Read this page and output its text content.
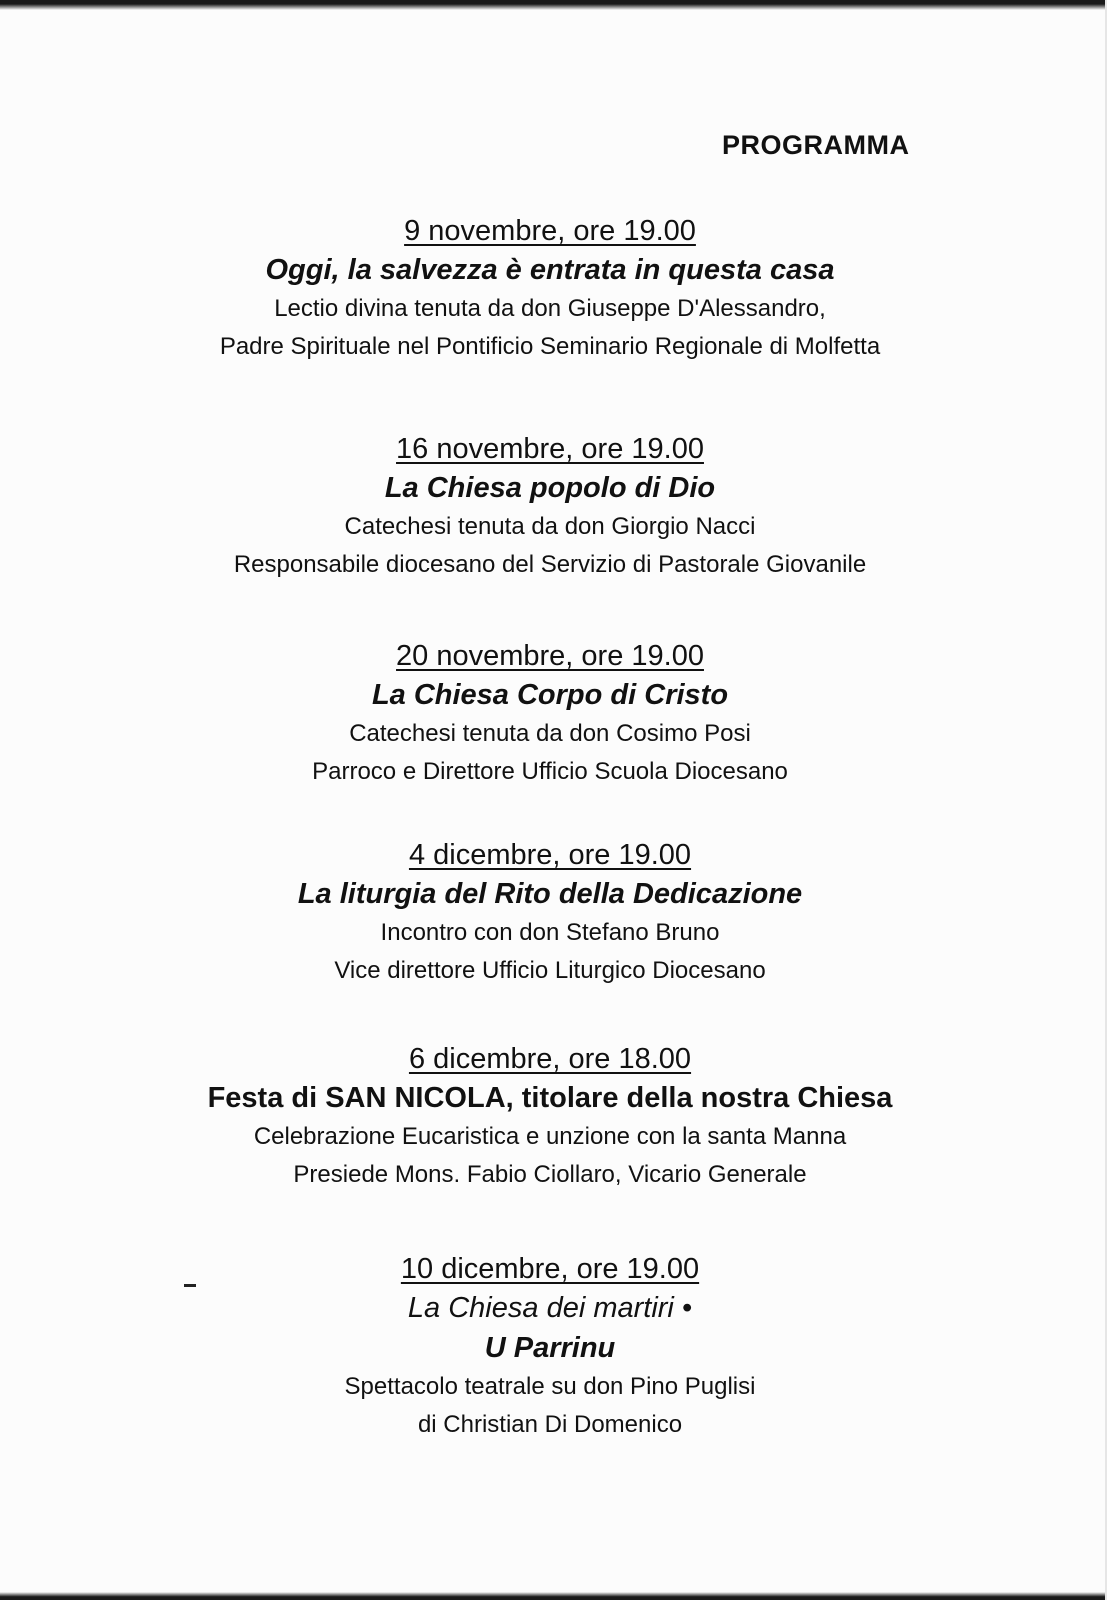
PROGRAMMA
9 novembre, ore 19.00
Oggi, la salvezza è entrata in questa casa
Lectio divina tenuta da don Giuseppe D'Alessandro,
Padre Spirituale nel Pontificio Seminario Regionale di Molfetta
16 novembre, ore 19.00
La Chiesa popolo di Dio
Catechesi tenuta da don Giorgio Nacci
Responsabile diocesano del Servizio di Pastorale Giovanile
20 novembre, ore 19.00
La Chiesa Corpo di Cristo
Catechesi tenuta da don Cosimo Posi
Parroco e Direttore Ufficio Scuola Diocesano
4 dicembre, ore 19.00
La liturgia del Rito della Dedicazione
Incontro con don Stefano Bruno
Vice direttore Ufficio Liturgico Diocesano
6 dicembre, ore 18.00
Festa di SAN NICOLA, titolare della nostra Chiesa
Celebrazione Eucaristica e unzione con la santa Manna
Presiede Mons. Fabio Ciollaro, Vicario Generale
10 dicembre, ore 19.00
La Chiesa dei martiri •
U Parrinu
Spettacolo teatrale su don Pino Puglisi
di Christian Di Domenico
